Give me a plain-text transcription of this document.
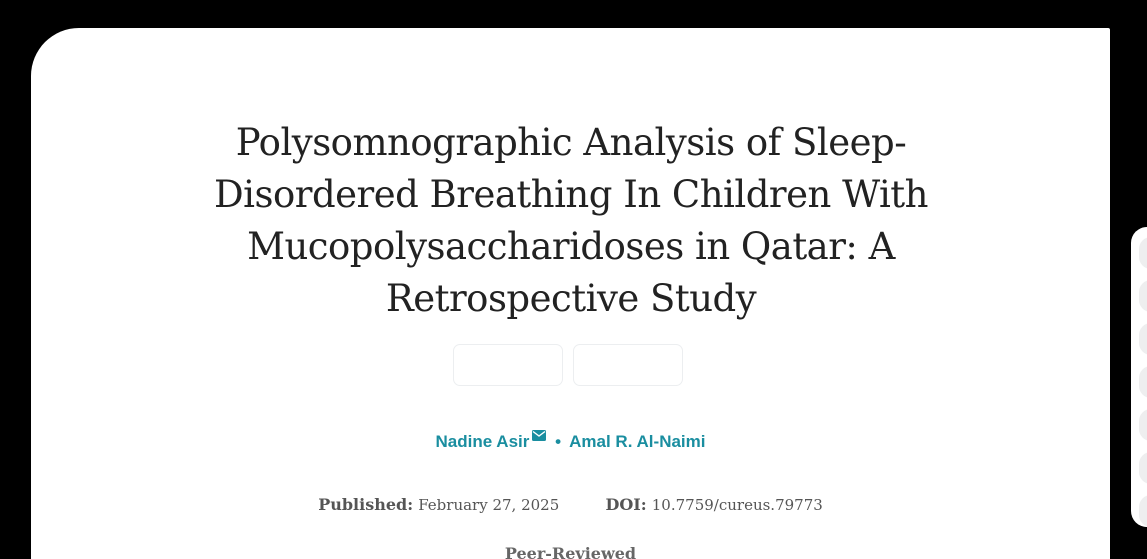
Polysomnographic Analysis of Sleep-Disordered Breathing In Children With Mucopolysaccharidoses in Qatar: A Retrospective Study
Nadine Asir • Amal R. Al-Naimi
Published: February 27, 2025	DOI: 10.7759/cureus.79773
Peer-Reviewed
